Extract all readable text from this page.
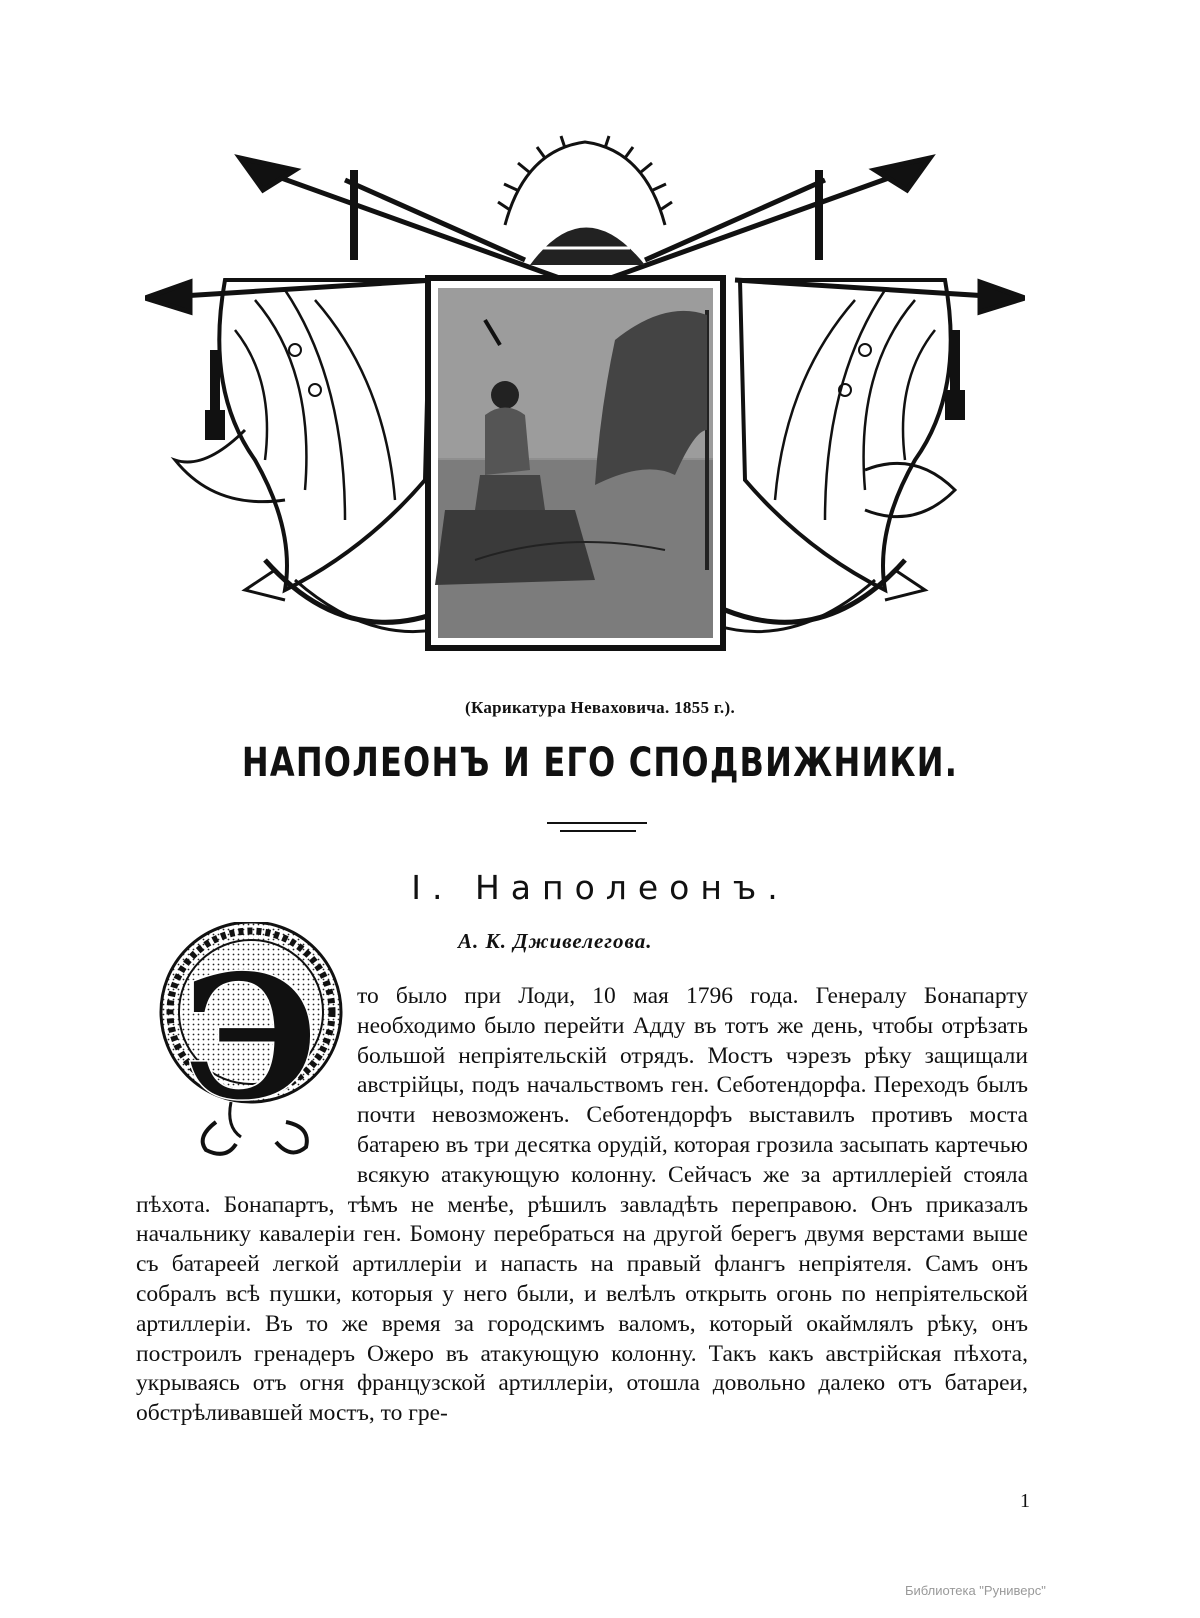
(Карикатура Неваховича. 1855 г.).
НАПОЛЕОНЪ И ЕГО СПОДВИЖНИКИ.
I. Наполеонъ.
А. К. Дживелегова.
Э	то было при Лоди, 10 мая 1796 года. Генералу Бонапарту необходимо было перейти Адду въ тотъ же день, чтобы отрѣзать большой непріятельскій отрядъ. Мостъ чэрезъ рѣку защищали австрійцы, подъ начальствомъ ген. Себотендорфа. Переходъ былъ почти невозможенъ. Себотендорфъ выставилъ противъ моста батарею въ три десятка орудій, которая грозила засыпать картечью всякую атакующую колонну. Сейчасъ же за артиллеріей стояла пѣхота. Бонапартъ, тѣмъ не менѣе, рѣшилъ завладѣть переправою. Онъ приказалъ начальнику кавалеріи ген. Бомону перебраться на другой берегъ двумя верстами выше съ батареей легкой артиллеріи и напасть на правый флангъ непріятеля. Самъ онъ собралъ всѣ пушки, которыя у него были, и велѣлъ открыть огонь по непріятельской артиллеріи. Въ то же время за городскимъ валомъ, который окаймлялъ рѣку, онъ построилъ гренадеръ Ожеро въ атакующую колонну. Такъ какъ австрійская пѣхота, укрываясь отъ огня французской артиллеріи, отошла довольно далеко отъ батареи, обстрѣливавшей мостъ, то гре-

1
Библиотека "Руниверс"
